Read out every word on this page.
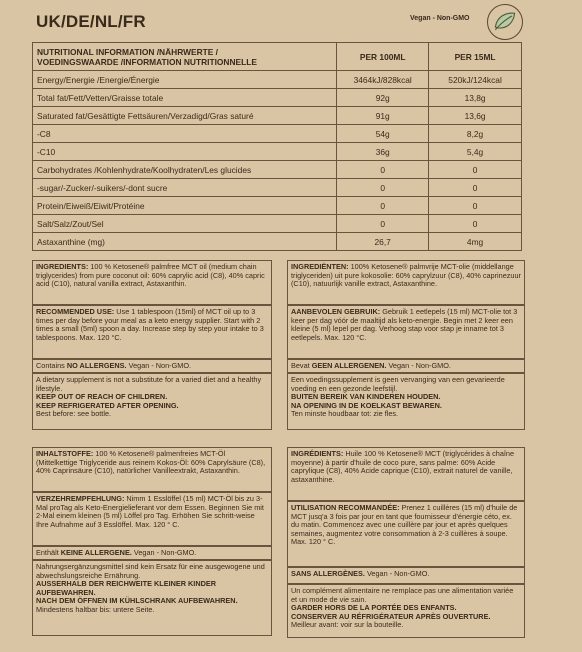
UK/DE/NL/FR	Vegan - Non-GMO
NUTRITIONAL INFORMATION /NÄHRWERTE /
VOEDINGSWAARDE /INFORMATION NUTRITIONNELLE	PER 100ML	PER 15ML
Energy/Energie /Energie/Énergie	3464kJ/828kcal	520kJ/124kcal
Total fat/Fett/Vetten/Graisse totale	92g	13,8g
Saturated fat/Gesättigte Fettsäuren/Verzadigd/Gras saturé	91g	13,6g
-C8	54g	8,2g
-C10	36g	5,4g
Carbohydrates /Kohlenhydrate/Koolhydraten/Les glucides	0	0
-sugar/-Zucker/-suikers/-dont sucre	0	0
Protein/Eiweiß/Eiwit/Protéine	0	0
Salt/Salz/Zout/Sel	0	0
Astaxanthine (mg)	26,7	4mg
INGREDIENTS: 100 % Ketosene® palmfree MCT oil (medium chain triglycerides) from pure coconut oil: 60% caprylic acid (C8), 40% capric acid (C10), natural vanilla extract, Astaxanthin.
RECOMMENDED USE: Use 1 tablespoon (15ml) of MCT oil up to 3 times per day before your meal as a keto energy supplier. Start with 2 times a small (5ml) spoon a day. Increase step by step your intake to 3 tablespoons. Max. 120 °C.
Contains NO ALLERGENS. Vegan - Non-GMO.
A dietary supplement is not a substitute for a varied diet and a healthy lifestyle.
KEEP OUT OF REACH OF CHILDREN.
KEEP REFRIGERATED AFTER OPENING.
Best before: see bottle.
INGREDIËNTEN: 100% Ketosene® palmvrije MCT-olie (middellange triglyceriden) uit pure kokosolie: 60% caprylzuur (C8), 40% caprinezuur (C10), natuurlijk vanille extract, Astaxanthine.
AANBEVOLEN GEBRUIK: Gebruik 1 eetlepels (15 ml) MCT-olie tot 3 keer per dag vóór de maaltijd als keto-energie. Begin met 2 keer een kleine (5 ml) lepel per dag. Verhoog stap voor stap je inname tot 3 eetlepels. Max. 120 °C.
Bevat GEEN ALLERGENEN. Vegan - Non-GMO.
Een voedingssupplement is geen vervanging van een gevarieerde voeding en een gezonde leefstijl.
BUITEN BEREIK VAN KINDEREN HOUDEN.
NA OPENING IN DE KOELKAST BEWAREN.
Ten minste houdbaar tot: zie fles.
INHALTSTOFFE: 100 % Ketosene® palmenfreies MCT-Öl (Mittelkettige Triglyceride aus reinem Kokos-Öl: 60% Caprylsäure (C8), 40% Caprinsäure (C10), natürlicher Vanilleextrakt, Astaxanthin.
VERZEHREMPFEHLUNG: Nimm 1 Esslöffel (15 ml) MCT-Öl bis zu 3-Mal proTag als Keto-Energielieferant vor dem Essen. Beginnen Sie mit 2-Mal einem kleinen (5 ml) Löffel pro Tag. Erhöhen Sie schritt-weise Ihre Aufnahme auf 3 Esslöffel. Max. 120 ° C.
Enthält KEINE ALLERGENE. Vegan - Non-GMO.
Nahrungsergänzungsmittel sind kein Ersatz für eine ausgewogene und abwechslungsreiche Ernährung.
AUSSERHALB DER REICHWEITE KLEINER KINDER AUFBEWAHREN.
NACH DEM ÖFFNEN IM KÜHLSCHRANK AUFBEWAHREN.
Mindestens haltbar bis: untere Seite.
INGRÉDIENTS: Huile 100 % Ketosene® MCT (triglycérides à chaîne moyenne) à partir d'huile de coco pure, sans palme: 60% Acide caprylique (C8), 40% Acide caprique (C10), extrait naturel de vanille, astaxanthine.
UTILISATION RECOMMANDÉE: Prenez 1 cuillères (15 ml) d'huile de MCT jusq'a 3 fois par jour en tant que fournisseur d'énergie céto, ex. du matin. Commencez avec une cuillère par jour et après quelques semaines, augmentez votre consommation à 2-3 cuillères à soupe. Max. 120 ° C.
SANS ALLERGÈNES. Vegan - Non-GMO.
Un complément alimentaire ne remplace pas une alimentation variée et un mode de vie sain.
GARDER HORS DE LA PORTÉE DES ENFANTS.
CONSERVER AU RÉFRIGÉRATEUR APRÈS OUVERTURE.
Meilleur avant: voir sur la bouteille.
